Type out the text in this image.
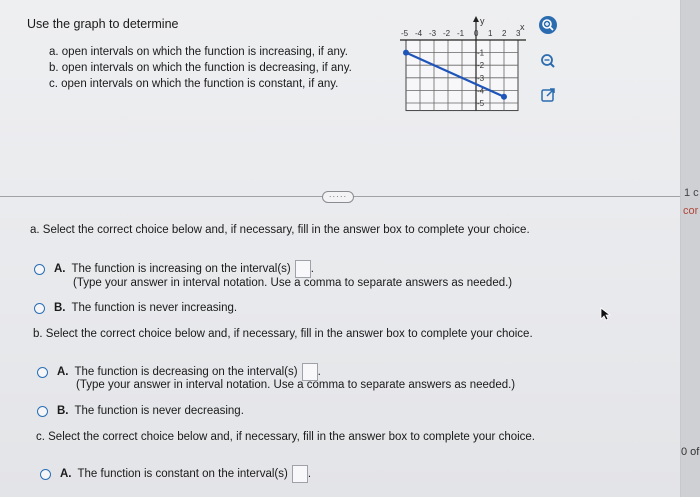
Use the graph to determine
a. open intervals on which the function is increasing, if any.
b. open intervals on which the function is decreasing, if any.
c. open intervals on which the function is constant, if any.
-5 -4 -3 -2 -1 0 1 2 3
-1
-2
-3
-4
-5
x
y
·····
a. Select the correct choice below and, if necessary, fill in the answer box to complete your choice.
A. The function is increasing on the interval(s) .
(Type your answer in interval notation. Use a comma to separate answers as needed.)
B. The function is never increasing.
b. Select the correct choice below and, if necessary, fill in the answer box to complete your choice.
A. The function is decreasing on the interval(s) .
(Type your answer in interval notation. Use a comma to separate answers as needed.)
B. The function is never decreasing.
c. Select the correct choice below and, if necessary, fill in the answer box to complete your choice.
A. The function is constant on the interval(s) .
1 c
cor
0 of
